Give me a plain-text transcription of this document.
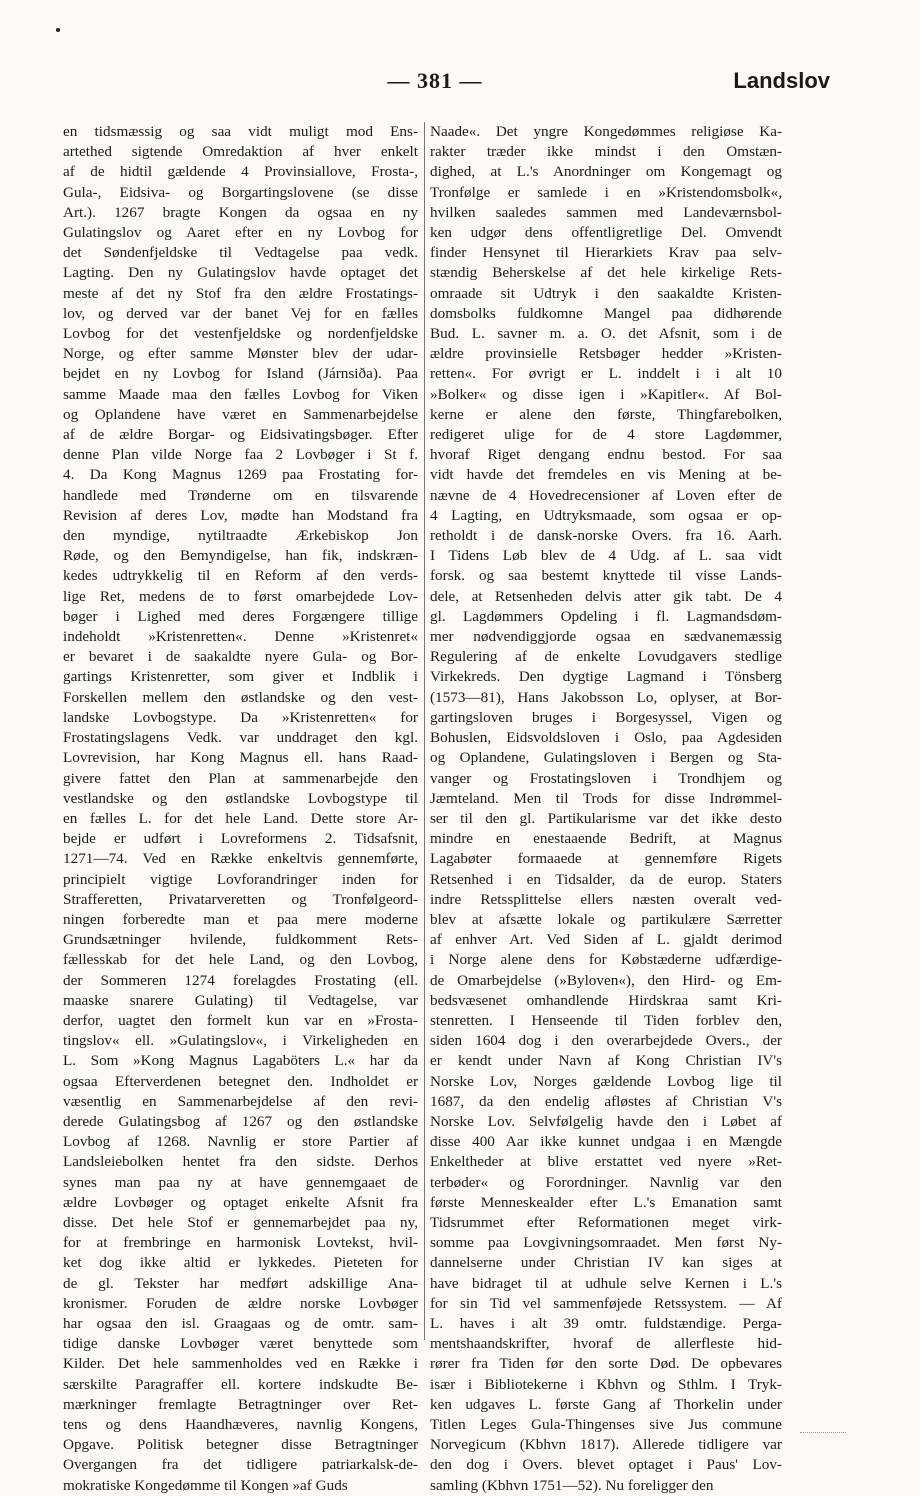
— 381 —	Landslov
en tidsmæssig og saa vidt muligt mod Ens-
artethed sigtende Omredaktion af hver enkelt
af de hidtil gældende 4 Provinsiallove, Frosta-,
Gula-, Eidsiva- og Borgartingslovene (se disse
Art.). 1267 bragte Kongen da ogsaa en ny
Gulatingslov og Aaret efter en ny Lovbog for
det Søndenfjeldske til Vedtagelse paa vedk.
Lagting. Den ny Gulatingslov havde optaget det
meste af det ny Stof fra den ældre Frostatings-
lov, og derved var der banet Vej for en fælles
Lovbog for det vestenfjeldske og nordenfjeldske
Norge, og efter samme Mønster blev der udar-
bejdet en ny Lovbog for Island (Járnsiða). Paa
samme Maade maa den fælles Lovbog for Viken
og Oplandene have været en Sammenarbejdelse
af de ældre Borgar- og Eidsivatingsbøger. Efter
denne Plan vilde Norge faa 2 Lovbøger i St f.
4. Da Kong Magnus 1269 paa Frostating for-
handlede med Trønderne om en tilsvarende
Revision af deres Lov, mødte han Modstand fra
den myndige, nytiltraadte Ærkebiskop Jon
Røde, og den Bemyndigelse, han fik, indskræn-
kedes udtrykkelig til en Reform af den verds-
lige Ret, medens de to først omarbejdede Lov-
bøger i Lighed med deres Forgængere tillige
indeholdt »Kristenretten«. Denne »Kristenret«
er bevaret i de saakaldte nyere Gula- og Bor-
gartings Kristenretter, som giver et Indblik i
Forskellen mellem den østlandske og den vest-
landske Lovbogstype. Da »Kristenretten« for
Frostatingslagens Vedk. var unddraget den kgl.
Lovrevision, har Kong Magnus ell. hans Raad-
givere fattet den Plan at sammenarbejde den
vestlandske og den østlandske Lovbogstype til
en fælles L. for det hele Land. Dette store Ar-
bejde er udført i Lovreformens 2. Tidsafsnit,
1271—74. Ved en Række enkeltvis gennemførte,
principielt vigtige Lovforandringer inden for
Strafferetten, Privatarveretten og Tronfølgeord-
ningen forberedte man et paa mere moderne
Grundsætninger hvilende, fuldkomment Rets-
fællesskab for det hele Land, og den Lovbog,
der Sommeren 1274 forelagdes Frostating (ell.
maaske snarere Gulating) til Vedtagelse, var
derfor, uagtet den formelt kun var en »Frosta-
tingslov« ell. »Gulatingslov«, i Virkeligheden en
L. Som »Kong Magnus Lagaböters L.« har da
ogsaa Efterverdenen betegnet den. Indholdet er
væsentlig en Sammenarbejdelse af den revi-
derede Gulatingsbog af 1267 og den østlandske
Lovbog af 1268. Navnlig er store Partier af
Landsleiebolken hentet fra den sidste. Derhos
synes man paa ny at have gennemgaaet de
ældre Lovbøger og optaget enkelte Afsnit fra
disse. Det hele Stof er gennemarbejdet paa ny,
for at frembringe en harmonisk Lovtekst, hvil-
ket dog ikke altid er lykkedes. Pieteten for
de gl. Tekster har medført adskillige Ana-
kronismer. Foruden de ældre norske Lovbøger
har ogsaa den isl. Graagaas og de omtr. sam-
tidige danske Lovbøger været benyttede som
Kilder. Det hele sammenholdes ved en Række i
særskilte Paragraffer ell. kortere indskudte Be-
mærkninger fremlagte Betragtninger over Ret-
tens og dens Haandhæveres, navnlig Kongens,
Opgave. Politisk betegner disse Betragtninger
Overgangen fra det tidligere patriarkalsk-de-
mokratiske Kongedømme til Kongen »af Guds
Naade«. Det yngre Kongedømmes religiøse Ka-
rakter træder ikke mindst i den Omstæn-
dighed, at L.'s Anordninger om Kongemagt og
Tronfølge er samlede i en »Kristendomsbolk«,
hvilken saaledes sammen med Landeværnsbol-
ken udgør dens offentligretlige Del. Omvendt
finder Hensynet til Hierarkiets Krav paa selv-
stændig Beherskelse af det hele kirkelige Rets-
omraade sit Udtryk i den saakaldte Kristen-
domsbolks fuldkomne Mangel paa didhørende
Bud. L. savner m. a. O. det Afsnit, som i de
ældre provinsielle Retsbøger hedder »Kristen-
retten«. For øvrigt er L. inddelt i i alt 10
»Bolker« og disse igen i »Kapitler«. Af Bol-
kerne er alene den første, Thingfarebolken,
redigeret ulige for de 4 store Lagdømmer,
hvoraf Riget dengang endnu bestod. For saa
vidt havde det fremdeles en vis Mening at be-
nævne de 4 Hovedrecensioner af Loven efter de
4 Lagting, en Udtryksmaade, som ogsaa er op-
retholdt i de dansk-norske Overs. fra 16. Aarh.
I Tidens Løb blev de 4 Udg. af L. saa vidt
forsk. og saa bestemt knyttede til visse Lands-
dele, at Retsenheden delvis atter gik tabt. De 4
gl. Lagdømmers Opdeling i fl. Lagmandsdøm-
mer nødvendiggjorde ogsaa en sædvanemæssig
Regulering af de enkelte Lovudgavers stedlige
Virkekreds. Den dygtige Lagmand i Tönsberg
(1573—81), Hans Jakobsson Lo, oplyser, at Bor-
gartingsloven bruges i Borgesyssel, Vigen og
Bohuslen, Eidsvoldsloven i Oslo, paa Agdesiden
og Oplandene, Gulatingsloven i Bergen og Sta-
vanger og Frostatingsloven i Trondhjem og
Jæmteland. Men til Trods for disse Indrømmel-
ser til den gl. Partikularisme var det ikke desto
mindre en enestaaende Bedrift, at Magnus
Lagabøter formaaede at gennemføre Rigets
Retsenhed i en Tidsalder, da de europ. Staters
indre Retssplittelse ellers næsten overalt ved-
blev at afsætte lokale og partikulære Særretter
af enhver Art. Ved Siden af L. gjaldt derimod
i Norge alene dens for Købstæderne udfærdige-
de Omarbejdelse (»Byloven«), den Hird- og Em-
bedsvæsenet omhandlende Hirdskraa samt Kri-
stenretten. I Henseende til Tiden forblev den,
siden 1604 dog i den overarbejdede Overs., der
er kendt under Navn af Kong Christian IV's
Norske Lov, Norges gældende Lovbog lige til
1687, da den endelig afløstes af Christian V's
Norske Lov. Selvfølgelig havde den i Løbet af
disse 400 Aar ikke kunnet undgaa i en Mængde
Enkeltheder at blive erstattet ved nyere »Ret-
terbøder« og Forordninger. Navnlig var den
første Menneskealder efter L.'s Emanation samt
Tidsrummet efter Reformationen meget virk-
somme paa Lovgivningsomraadet. Men først Ny-
dannelserne under Christian IV kan siges at
have bidraget til at udhule selve Kernen i L.'s
for sin Tid vel sammenføjede Retssystem. — Af
L. haves i alt 39 omtr. fuldstændige. Perga-
mentshaandskrifter, hvoraf de allerfleste hid-
rører fra Tiden før den sorte Død. De opbevares
især i Bibliotekerne i Kbhvn og Sthlm. I Tryk-
ken udgaves L. første Gang af Thorkelin under
Titlen Leges Gula-Thingenses sive Jus commune
Norvegicum (Kbhvn 1817). Allerede tidligere var
den dog i Overs. blevet optaget i Paus' Lov-
samling (Kbhvn 1751—52). Nu foreligger den
